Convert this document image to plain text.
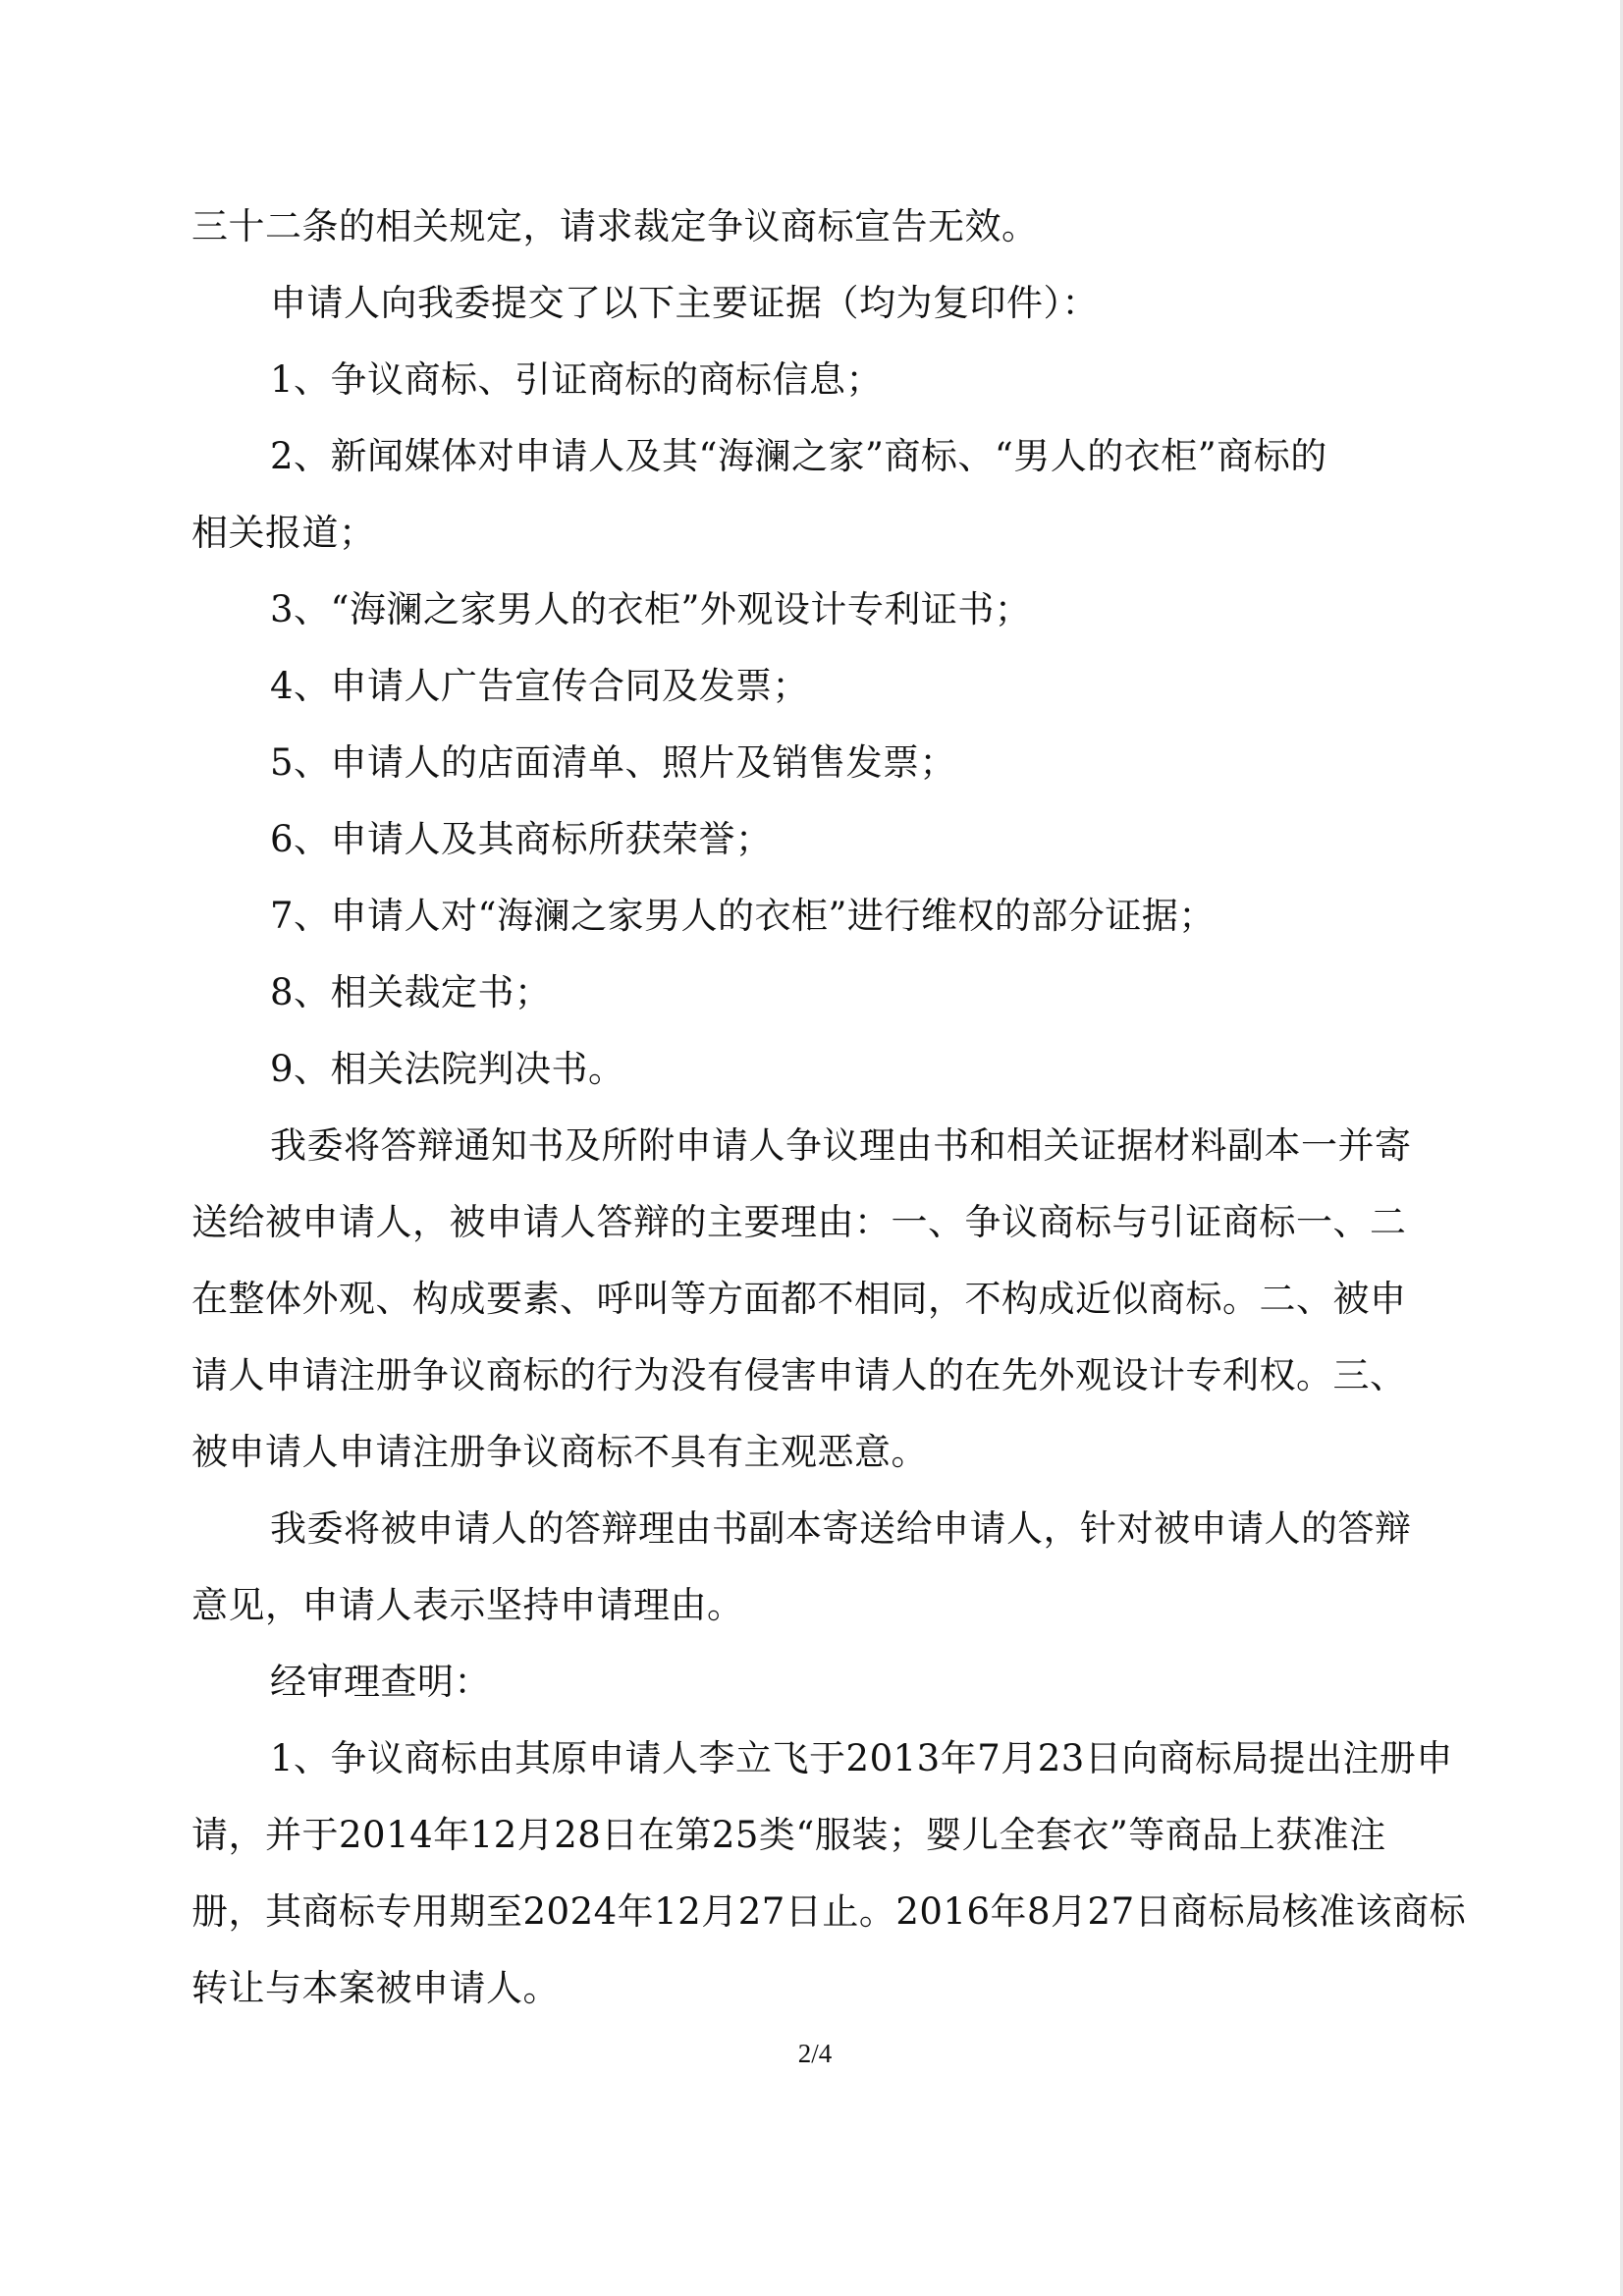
三十二条的相关规定，请求裁定争议商标宣告无效。
申请人向我委提交了以下主要证据（均为复印件）：
1、争议商标、引证商标的商标信息；
2、新闻媒体对申请人及其“海澜之家”商标、“男人的衣柜”商标的
相关报道；
3、“海澜之家男人的衣柜”外观设计专利证书；
4、申请人广告宣传合同及发票；
5、申请人的店面清单、照片及销售发票；
6、申请人及其商标所获荣誉；
7、申请人对“海澜之家男人的衣柜”进行维权的部分证据；
8、相关裁定书；
9、相关法院判决书。
我委将答辩通知书及所附申请人争议理由书和相关证据材料副本一并寄
送给被申请人，被申请人答辩的主要理由：一、争议商标与引证商标一、二
在整体外观、构成要素、呼叫等方面都不相同，不构成近似商标。二、被申
请人申请注册争议商标的行为没有侵害申请人的在先外观设计专利权。三、
被申请人申请注册争议商标不具有主观恶意。
我委将被申请人的答辩理由书副本寄送给申请人，针对被申请人的答辩
意见，申请人表示坚持申请理由。
经审理查明：
1、争议商标由其原申请人李立飞于2013年7月23日向商标局提出注册申
请，并于2014年12月28日在第25类“服装；婴儿全套衣”等商品上获准注
册，其商标专用期至2024年12月27日止。2016年8月27日商标局核准该商标
转让与本案被申请人。
2/4
